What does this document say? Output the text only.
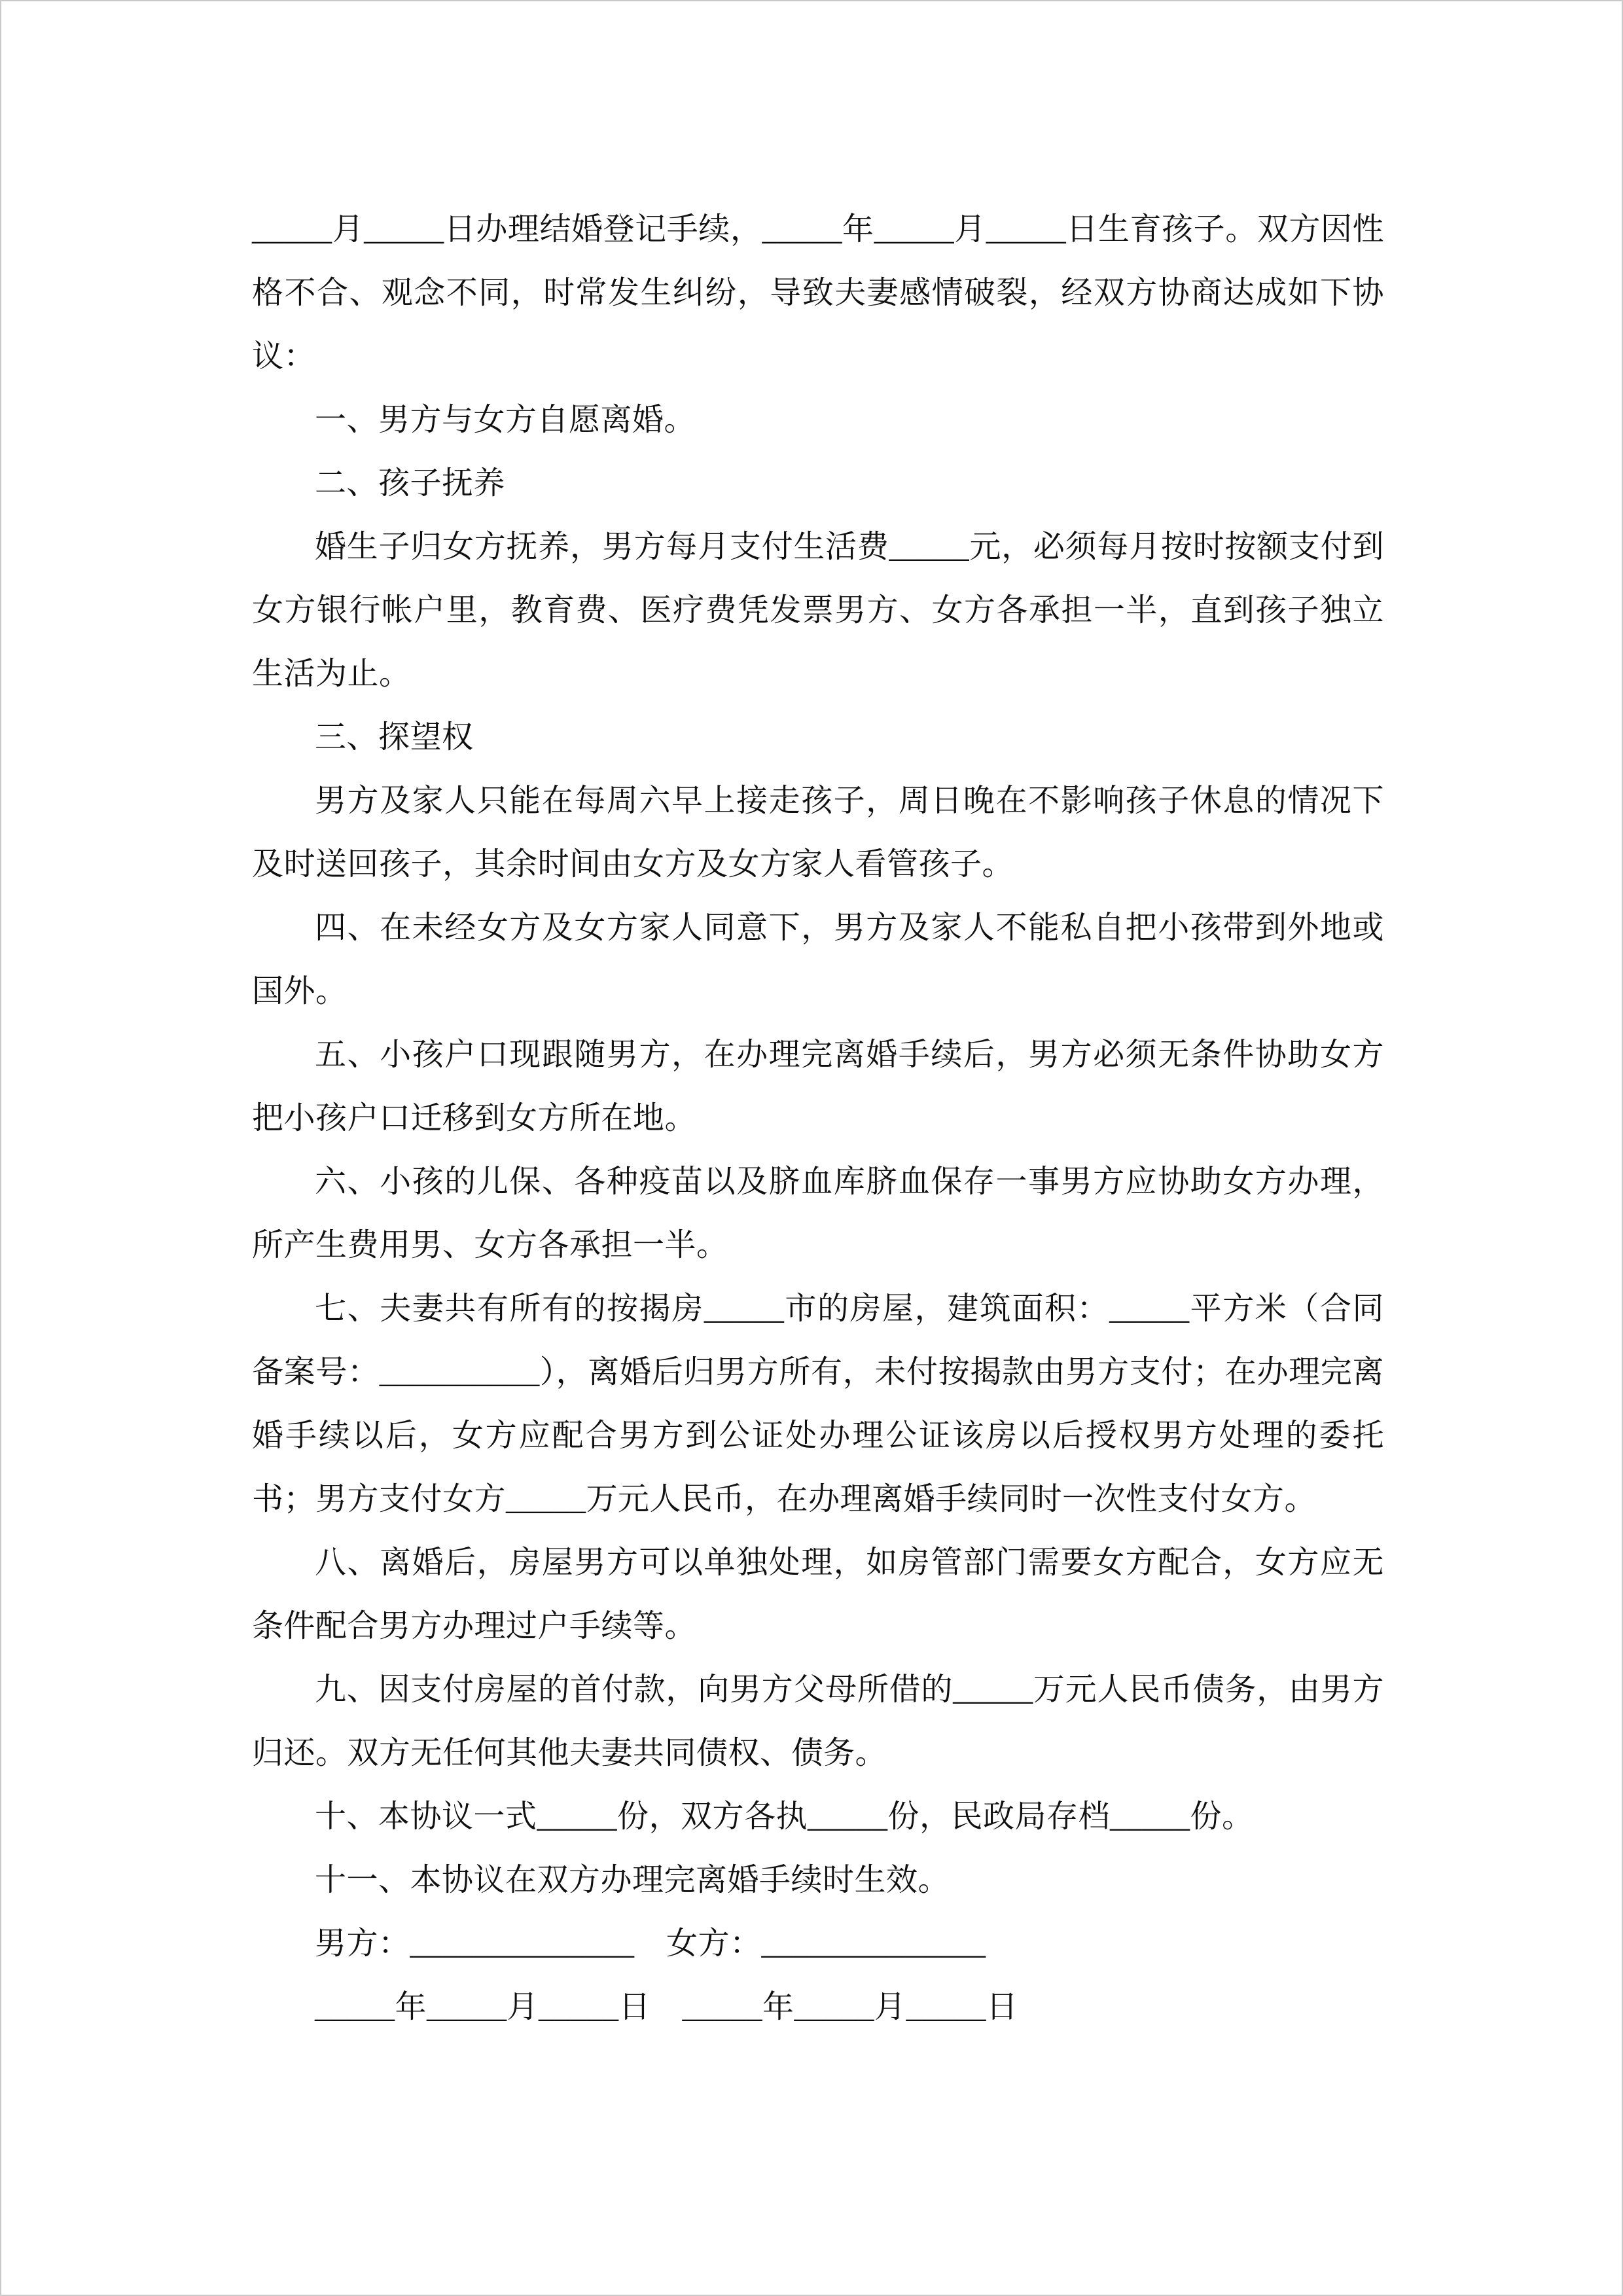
_____月_____日办理结婚登记手续，_____年_____月_____日生育孩子。双方因性格不合、观念不同，时常发生纠纷，导致夫妻感情破裂，经双方协商达成如下协议：

一、男方与女方自愿离婚。

二、孩子抚养

婚生子归女方抚养，男方每月支付生活费_____元，必须每月按时按额支付到女方银行帐户里，教育费、医疗费凭发票男方、女方各承担一半，直到孩子独立生活为止。

三、探望权

男方及家人只能在每周六早上接走孩子，周日晚在不影响孩子休息的情况下及时送回孩子，其余时间由女方及女方家人看管孩子。

四、在未经女方及女方家人同意下，男方及家人不能私自把小孩带到外地或国外。

五、小孩户口现跟随男方，在办理完离婚手续后，男方必须无条件协助女方把小孩户口迁移到女方所在地。

六、小孩的儿保、各种疫苗以及脐血库脐血保存一事男方应协助女方办理，所产生费用男、女方各承担一半。

七、夫妻共有所有的按揭房_____市的房屋，建筑面积：_____平方米（合同备案号：__________），离婚后归男方所有，未付按揭款由男方支付；在办理完离婚手续以后，女方应配合男方到公证处办理公证该房以后授权男方处理的委托书；男方支付女方_____万元人民币，在办理离婚手续同时一次性支付女方。

八、离婚后，房屋男方可以单独处理，如房管部门需要女方配合，女方应无条件配合男方办理过户手续等。

九、因支付房屋的首付款，向男方父母所借的_____万元人民币债务，由男方归还。双方无任何其他夫妻共同债权、债务。

十、本协议一式_____份，双方各执_____份，民政局存档_____份。

十一、本协议在双方办理完离婚手续时生效。

男方：______________　女方：______________

_____年_____月_____日　_____年_____月_____日
